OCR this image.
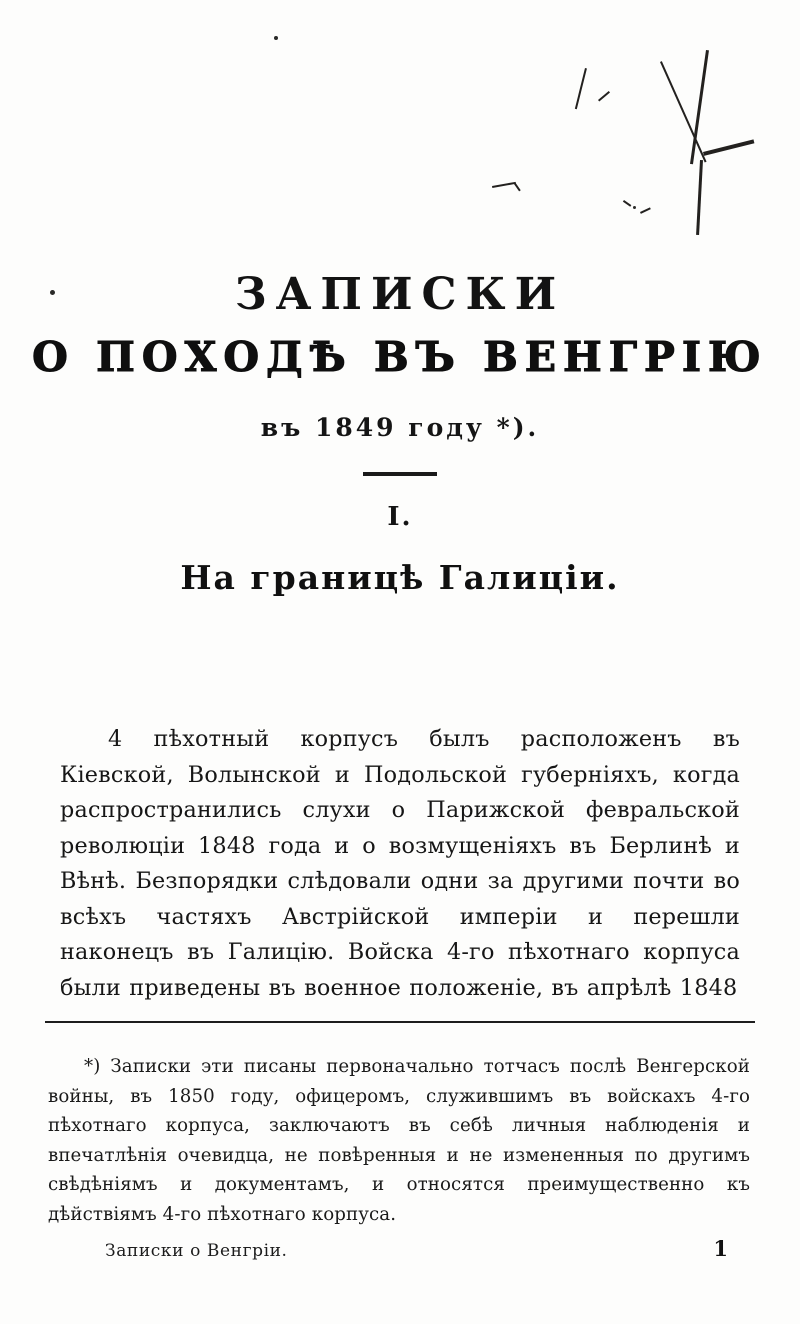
ЗАПИСКИ
О ПОХОДѢ ВЪ ВЕНГРІЮ
въ 1849 году *).
I.
На границѣ Галиціи.

4 пѣхотный корпусъ былъ расположенъ въ Кіевской, Волынской и Подольской губерніяхъ, когда распространились слухи о Парижской февральской революціи 1848 года и о возмущеніяхъ въ Берлинѣ и Вѣнѣ. Безпорядки слѣдовали одни за другими почти во всѣхъ частяхъ Австрійской имперіи и перешли наконецъ въ Галицію. Войска 4-го пѣхотнаго корпуса были приведены въ военное положеніе, въ апрѣлѣ 1848

*) Записки эти писаны первоначально тотчасъ послѣ Венгерской войны, въ 1850 году, офицеромъ, служившимъ въ войскахъ 4-го пѣхотнаго корпуса, заключаютъ въ себѣ личныя наблюденія и впечатлѣнія очевидца, не повѣренныя и не измененныя по другимъ свѣдѣніямъ и документамъ, и относятся преимущественно къ дѣйствіямъ 4-го пѣхотнаго корпуса.

Записки о Венгріи.	1
